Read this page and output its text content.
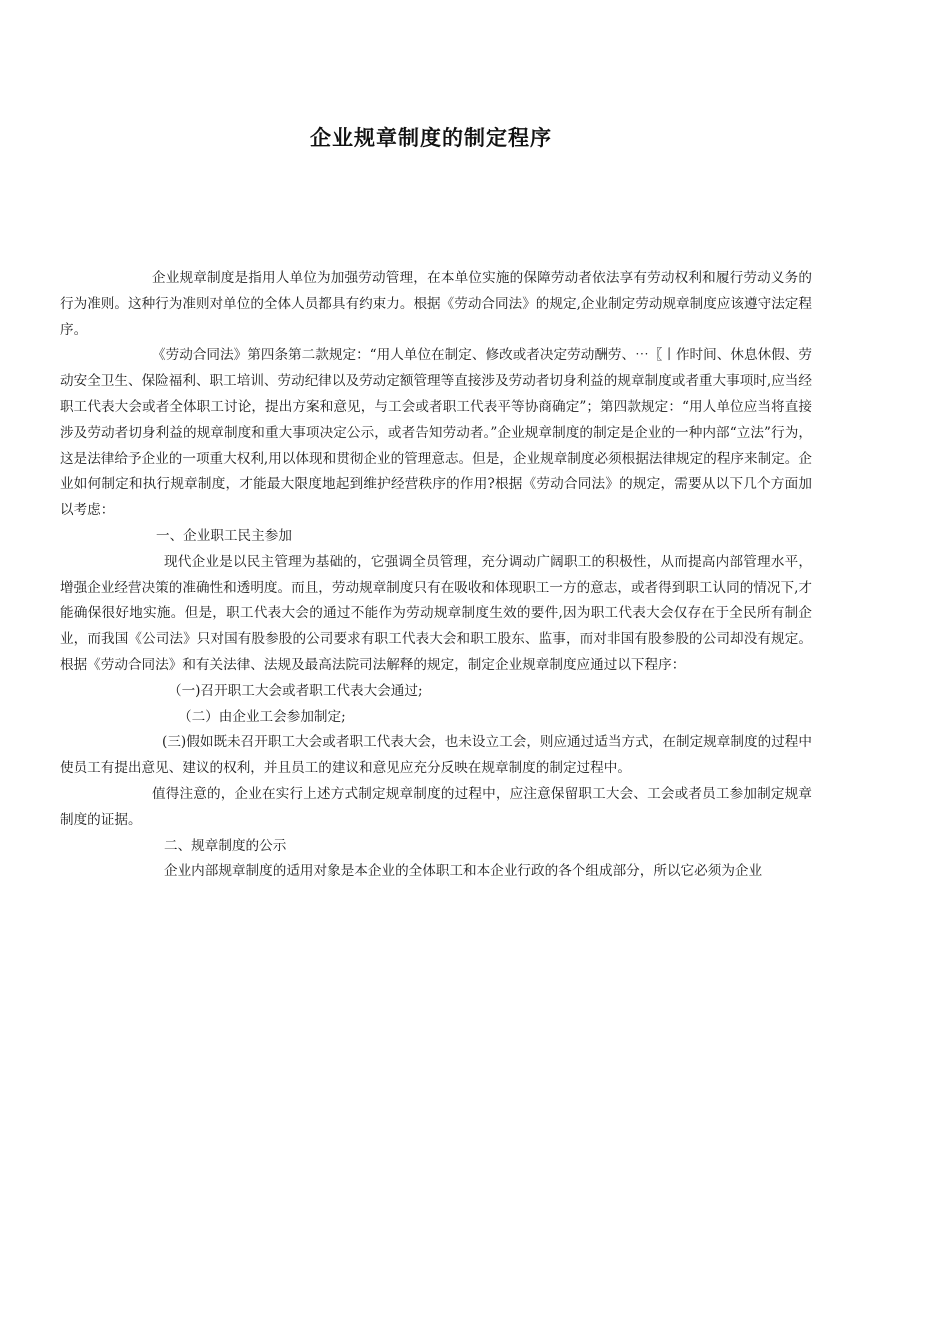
企业规章制度的制定程序

企业规章制度是指用人单位为加强劳动管理，在本单位实施的保障劳动者依法享有劳动权利和履行劳动义务的行为准则。这种行为准则对单位的全体人员都具有约束力。根据《劳动合同法》的规定,企业制定劳动规章制度应该遵守法定程序。

《劳动合同法》第四条第二款规定：“用人单位在制定、修改或者决定劳动酬劳、⋯〖丨作时间、休息休假、劳动安全卫生、保险福利、职工培训、劳动纪律以及劳动定额管理等直接涉及劳动者切身利益的规章制度或者重大事项时,应当经职工代表大会或者全体职工讨论，提出方案和意见，与工会或者职工代表平等协商确定”；第四款规定：“用人单位应当将直接涉及劳动者切身利益的规章制度和重大事项决定公示，或者告知劳动者。”企业规章制度的制定是企业的一种内部“立法”行为，这是法律给予企业的一项重大权利,用以体现和贯彻企业的管理意志。但是，企业规章制度必须根据法律规定的程序来制定。企业如何制定和执行规章制度，才能最大限度地起到维护经营秩序的作用?根据《劳动合同法》的规定，需要从以下几个方面加以考虑：

一、企业职工民主参加

现代企业是以民主管理为基础的，它强调全员管理，充分调动广阔职工的积极性，从而提高内部管理水平，增强企业经营决策的准确性和透明度。而且，劳动规章制度只有在吸收和体现职工一方的意志，或者得到职工认同的情况下,才能确保很好地实施。但是，职工代表大会的通过不能作为劳动规章制度生效的要件,因为职工代表大会仅存在于全民所有制企业，而我国《公司法》只对国有股参股的公司要求有职工代表大会和职工股东、监事，而对非国有股参股的公司却没有规定。根据《劳动合同法》和有关法律、法规及最高法院司法解释的规定，制定企业规章制度应通过以下程序：

（一)召开职工大会或者职工代表大会通过;

（二）由企业工会参加制定;

(三)假如既未召开职工大会或者职工代表大会，也未设立工会，则应通过适当方式，在制定规章制度的过程中使员工有提出意见、建议的权利，并且员工的建议和意见应充分反映在规章制度的制定过程中。

值得注意的，企业在实行上述方式制定规章制度的过程中，应注意保留职工大会、工会或者员工参加制定规章制度的证据。

二、规章制度的公示

企业内部规章制度的适用对象是本企业的全体职工和本企业行政的各个组成部分，所以它必须为企业
